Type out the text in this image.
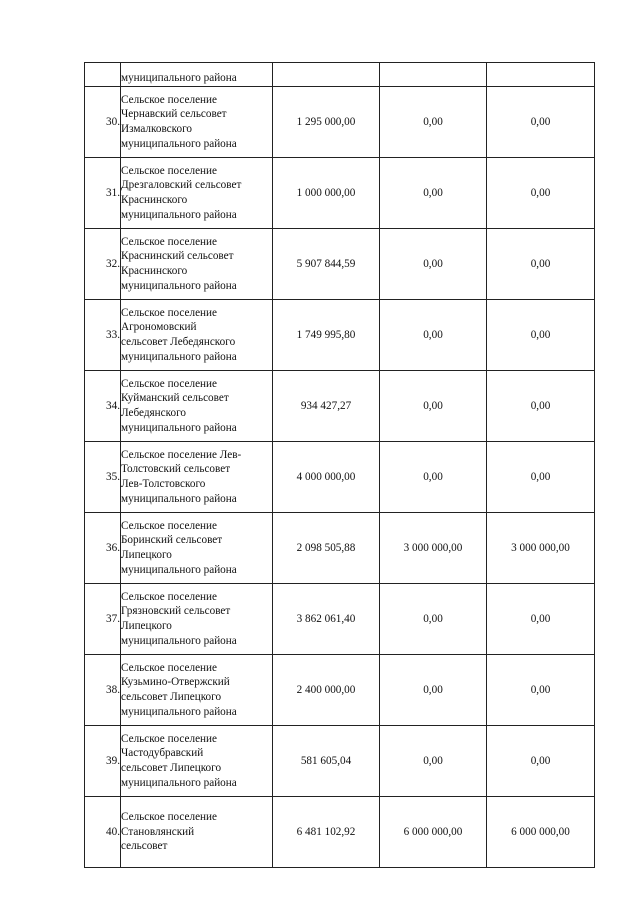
	муниципального района			

30.	Сельское поселение
Чернавский сельсовет
Измалковского
муниципального района	1 295 000,00	0,00	0,00
31.	Сельское поселение
Дрезгаловский сельсовет
Краснинского
муниципального района	1 000 000,00	0,00	0,00
32.	Сельское поселение
Краснинский сельсовет
Краснинского
муниципального района	5 907 844,59	0,00	0,00
33.	Сельское поселение
Агрономовский
сельсовет Лебедянского
муниципального района	1 749 995,80	0,00	0,00
34.	Сельское поселение
Куйманский сельсовет
Лебедянского
муниципального района	934 427,27	0,00	0,00
35.	Сельское поселение Лев-
Толстовский сельсовет
Лев-Толстовского
муниципального района	4 000 000,00	0,00	0,00
36.	Сельское поселение
Боринский сельсовет
Липецкого
муниципального района	2 098 505,88	3 000 000,00	3 000 000,00
37.	Сельское поселение
Грязновский сельсовет
Липецкого
муниципального района	3 862 061,40	0,00	0,00
38.	Сельское поселение
Кузьмино-Отвержский
сельсовет Липецкого
муниципального района	2 400 000,00	0,00	0,00
39.	Сельское поселение
Частодубравский
сельсовет Липецкого
муниципального района	581 605,04	0,00	0,00
40.	Сельское поселение
Становлянский
сельсовет	6 481 102,92	6 000 000,00	6 000 000,00
